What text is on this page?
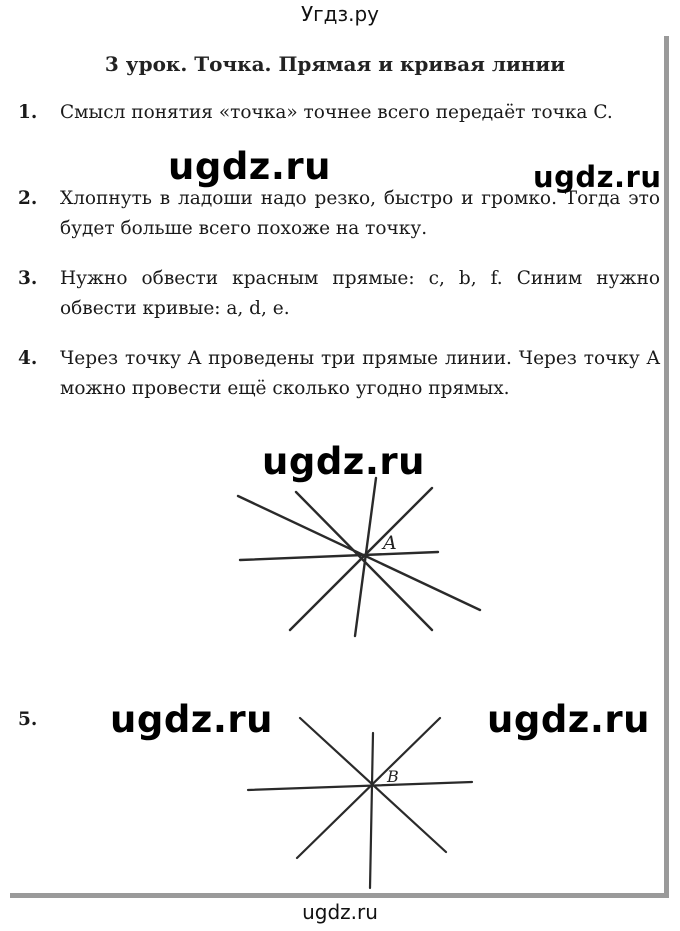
Угдз.ру
3 урок. Точка. Прямая и кривая линии
1. Смысл понятия «точка» точнее всего передаёт точка C.
2. Хлопнуть в ладоши надо резко, быстро и громко. Тогда это будет больше всего похоже на точку.
3. Нужно обвести красным прямые: c, b, f. Синим нужно обвести кривые: a, d, e.
4. Через точку A проведены три прямые линии. Через точку A можно провести ещё сколько угодно прямых.
5.
ugdz.ru	ugdz.ru
ugdz.ru
ugdz.ru	ugdz.ru
A
B
ugdz.ru
